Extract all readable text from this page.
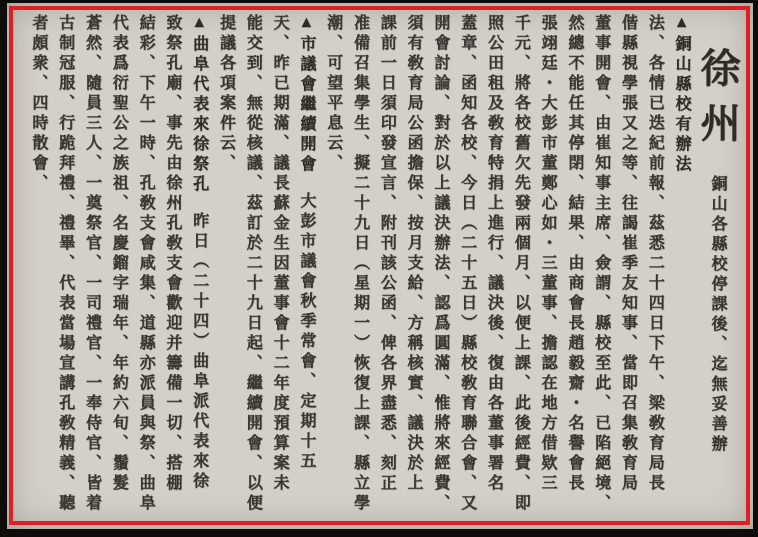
徐州銅山各縣校停課後、迄無妥善辦
▲銅山縣校有辦法
法、各情已迭紀前報、茲悉二十四日下午、梁敎育局長
偕縣視學張又之等、往謁崔季友知事、當即召集敎育局
董事開會、由崔知事主席、僉謂、縣校至此、已陷絕境、
然總不能任其停閉、結果、由商會長趙毅齋・名譽會長
張翊廷・大彭市董鄭心如・三董事、擔認在地方借欵三
千元、將各校舊欠先發兩個月、以便上課、此後經費、即
照公田租及敎育特捐上進行、議決後、復由各董事署名
蓋章、函知各校、今日（二十五日）縣校敎育聯合會、又
開會討論、對於以上議決辦法、認爲圓滿、惟將來經費、
須有敎育局公函擔保、按月支給、方稱核實、議決於上
課前一日須印發宣言、附刊該公函、俾各界盡悉、刻正
准備召集學生、擬二十九日（星期一）恢復上課、縣立學
潮、可望平息云、
▲市議會繼續開會大彭市議會秋季常會、定期十五
天、昨已期滿、議長蘇金生因董事會十二年度預算案未
能交到、無從核議、茲訂於二十九日起、繼續開會、以便
提議各項案件云、
▲曲阜代表來徐祭孔昨日（二十四）曲阜派代表來徐
致祭孔廟、事先由徐州孔敎支會歡迎并籌備一切、搭棚
結彩、下午一時、孔敎支會咸集、道縣亦派員與祭、曲阜
代表爲衍聖公之族祖、名慶鎦字瑞年、年約六旬、鬚髮
蒼然、隨員三人、一奠祭官、一司禮官、一奉侍官、皆着
古制冠服、行跪拜禮、禮畢、代表當場宣講孔敎精義、聽
者頗衆、四時散會、
